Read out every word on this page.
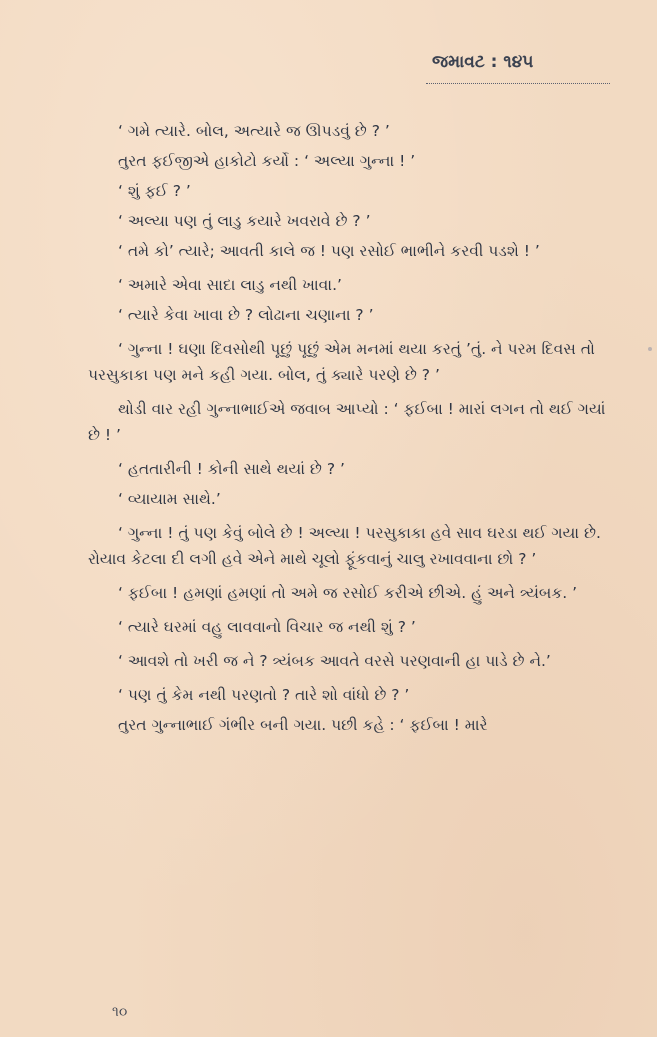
જમાવટ : ૧૪૫

‘ ગમે ત્યારે. બોલ, અત્યારે જ ઊપડવું છે ? ’

તુરત ફઈજીએ હાકોટો કર્યો : ‘ અલ્યા ગુન્ના ! ’

‘ શું ફઈ ? ’

‘ અલ્યા પણ તું લાડુ કયારે ખવરાવે છે ? ’

‘ તમે કો’ ત્યારે; આવતી કાલે જ ! પણ રસોઈ ભાભીને કરવી પડશે ! ’

‘ અમારે એવા સાદા લાડુ નથી ખાવા.’

‘ ત્યારે કેવા ખાવા છે ? લોઢાના ચણાના ? ’

‘ ગુન્ના ! ઘણા દિવસોથી પૂછું પૂછું એમ મનમાં થયા કરતું ’તું. ને પરમ દિવસ તો પરસુકાકા પણ મને કહી ગયા. બોલ, તું ક્યારે પરણે છે ? ’

થોડી વાર રહી ગુન્નાભાઈએ જવાબ આપ્યો : ‘ ફઈબા ! મારાં લગન તો થઈ ગયાં છે ! ’

‘ હતતારીની ! કોની સાથે થયાં છે ? ’

‘ વ્યાયામ સાથે.’

‘ ગુન્ના ! તું પણ કેવું બોલે છે ! અલ્યા ! પરસુકાકા હવે સાવ ઘરડા થઈ ગયા છે. રોયાવ કેટલા દી લગી હવે એને માથે ચૂલો ફૂંકવાનું ચાલુ રખાવવાના છો ? ’

‘ ફઈબા ! હમણાં હમણાં તો અમે જ રસોઈ કરીએ છીએ. હું અને ત્ર્યંબક. ’

‘ ત્યારે ઘરમાં વહુ લાવવાનો વિચાર જ નથી શું ? ’

‘ આવશે તો ખરી જ ને ? ત્ર્યંબક આવતે વરસે પરણવાની હા પાડે છે ને.’

‘ પણ તું કેમ નથી પરણતો ? તારે શો વાંધો છે ? ’

તુરત ગુન્નાભાઈ ગંભીર બની ગયા. પછી કહે : ‘ ફઈબા ! મારે

૧૦
